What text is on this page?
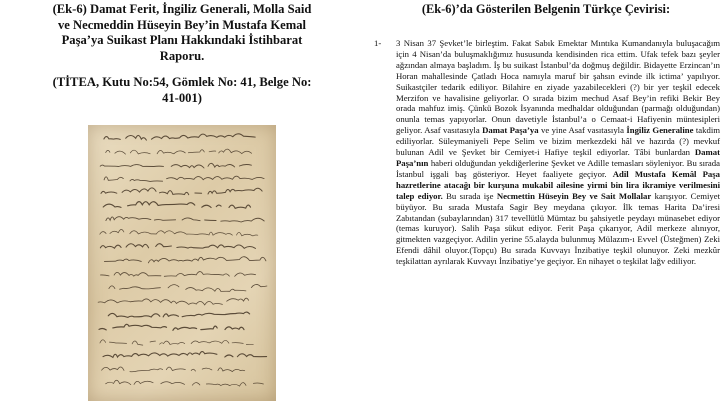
(Ek-6) Damat Ferit, İngiliz Generali, Molla Said
ve Necmeddin Hüseyin Bey’in Mustafa Kemal
Paşa’ya Suikast Planı Hakkındaki İstihbarat
Raporu.
(TİTEA, Kutu No:54, Gömlek No: 41, Belge No:
41-001)
(Ek-6)’da Gösterilen Belgenin Türkçe Çevirisi:
1- 3 Nisan 37 Şevket’le birleştim. Fakat Sabık Emektar Mıntıka Kumandanıyla buluşacağım için 4 Nisan’da buluşmaklığımız hususunda kendisinden rica ettim. Ufak tefek bazı şeyler ağzından almaya başladım. İş bu suikast İstanbul’da doğmuş değildir. Bidayette Erzincan’ın Horan mahallesinde Çatladı Hoca namıyla maruf bir şahsın evinde ilk ictima’ yapılıyor. Suikastçiler tedarik ediliyor. Bilahire en ziyade yazabilecekleri (?) bir yer teşkil edecek Merzifon ve havalisine geliyorlar. O sırada bizim mechud Asaf Bey’in refiki Bekir Bey orada mahfuz imiş. Çünkü Bozok İsyanında medhaldar olduğundan (parmağı olduğundan) onunla temas yapıyorlar. Onun davetiyle İstanbul’a o Cemaat-i Hafiyenin müntesipleri geliyor. Asaf vasıtasıyla Damat Paşa’ya ve yine Asaf vasıtasıyla İngiliz Generaline takdim ediliyorlar. Süleymaniyeli Pepe Selim ve bizim merkezdeki hâl ve hazırda (?) mevkuf bulunan Adil ve Şevket bir Cemiyet-i Hafiye teşkil ediyorlar. Tâbi bunlardan Damat Paşa’nın haberi olduğundan yekdiğerlerine Şevket ve Adille temasları söyleniyor. Bu sırada İstanbul işgali baş gösteriyor. Heyet faaliyete geçiyor. Adil Mustafa Kemâl Paşa hazretlerine atacağı bir kurşuna mukabil ailesine yirmi bin lira ikramiye verilmesini talep ediyor. Bu sırada işe Necmettin Hüseyin Bey ve Sait Mollalar karışıyor. Cemiyet büyüyor. Bu sırada Mustafa Sagir Bey meydana çıkıyor. İlk temas Harita Da’iresi Zabıtandan (subaylarından) 317 tevellütlü Mümtaz bu şahsiyetle peydayı münasebet ediyor (temas kuruyor). Salih Paşa sükut ediyor. Ferit Paşa çıkarıyor, Adil merkeze alınıyor, gitmekten vazgeçiyor. Adilin yerine 55.alayda bulunmuş Mülazım-ı Evvel (Üsteğmen) Zeki Efendi dâhil oluyor.(Topçu) Bu sırada Kuvvayı İnzibatiye teşkil olunuyor. Zeki mezkûr teşkilattan ayrılarak Kuvvayı İnzibatiye’ye geçiyor. En nihayet o teşkilat lağv ediliyor.
